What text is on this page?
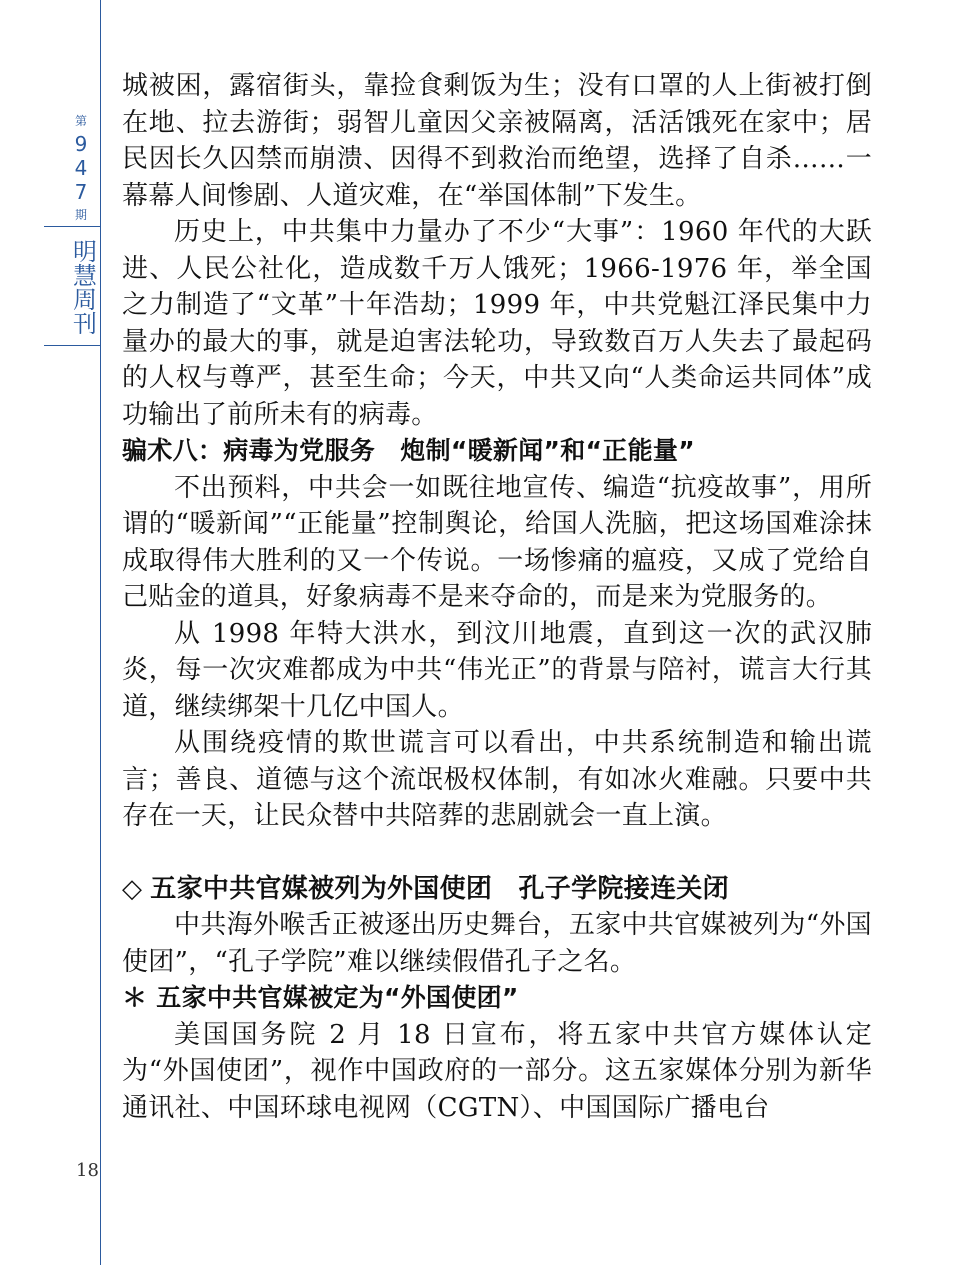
第
9
4
7
期
明
慧
周
刊
18

城被困，露宿街头，靠捡食剩饭为生；没有口罩的人上街被打倒在地、拉去游街；弱智儿童因父亲被隔离，活活饿死在家中；居民因长久囚禁而崩溃、因得不到救治而绝望，选择了自杀……一幕幕人间惨剧、人道灾难，在“举国体制”下发生。

历史上，中共集中力量办了不少“大事”：1960 年代的大跃进、人民公社化，造成数千万人饿死；1966-1976 年，举全国之力制造了“文革”十年浩劫；1999 年，中共党魁江泽民集中力量办的最大的事，就是迫害法轮功，导致数百万人失去了最起码的人权与尊严，甚至生命；今天，中共又向“人类命运共同体”成功输出了前所未有的病毒。

骗术八：病毒为党服务　炮制“暖新闻”和“正能量”

不出预料，中共会一如既往地宣传、编造“抗疫故事”，用所谓的“暖新闻”“正能量”控制舆论，给国人洗脑，把这场国难涂抹成取得伟大胜利的又一个传说。一场惨痛的瘟疫，又成了党给自己贴金的道具，好象病毒不是来夺命的，而是来为党服务的。

从 1998 年特大洪水，到汶川地震，直到这一次的武汉肺炎，每一次灾难都成为中共“伟光正”的背景与陪衬，谎言大行其道，继续绑架十几亿中国人。

从围绕疫情的欺世谎言可以看出，中共系统制造和输出谎言；善良、道德与这个流氓极权体制，有如冰火难融。只要中共存在一天，让民众替中共陪葬的悲剧就会一直上演。

◇ 五家中共官媒被列为外国使团　孔子学院接连关闭

中共海外喉舌正被逐出历史舞台，五家中共官媒被列为“外国使团”，“孔子学院”难以继续假借孔子之名。

＊ 五家中共官媒被定为“外国使团”

美国国务院 2 月 18 日宣布，将五家中共官方媒体认定为“外国使团”，视作中国政府的一部分。这五家媒体分别为新华通讯社、中国环球电视网（CGTN）、中国国际广播电台
